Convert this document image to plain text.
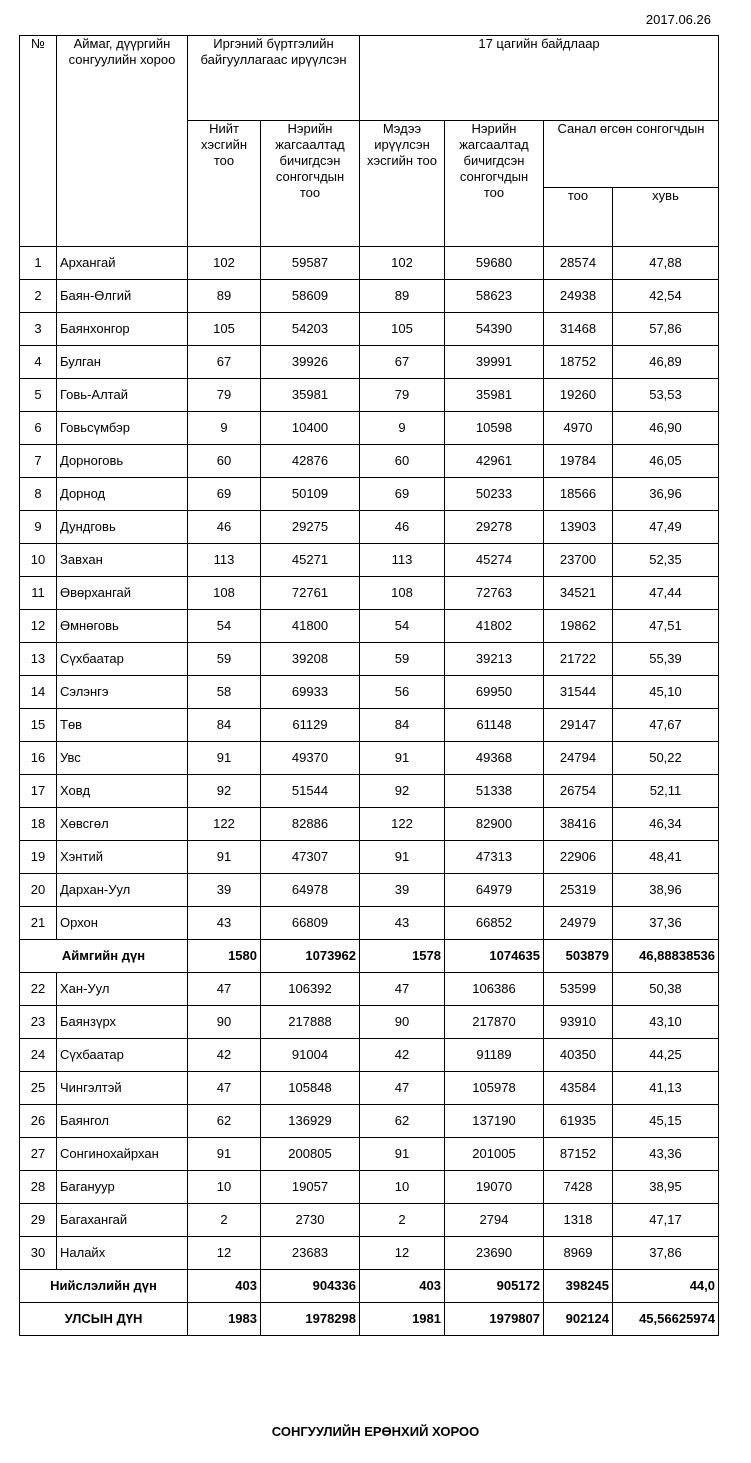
2017.06.26
№	Аймаг, дүүргийн сонгуулийн хороо	Иргэний бүртгэлийн байгууллагаас ирүүлсэн		17 цагийн байдлаар			
		Нийт хэсгийн тоо	Нэрийн жагсаалтад бичигдсэн сонгогчдын тоо	Мэдээ ирүүлсэн хэсгийн тоо	Нэрийн жагсаалтад бичигдсэн сонгогчдын тоо	Санал өгсөн сонгогчдын	
						тоо	хувь
1	Архангай	102	59587	102	59680	28574	47,88
2	Баян-Өлгий	89	58609	89	58623	24938	42,54
3	Баянхонгор	105	54203	105	54390	31468	57,86
4	Булган	67	39926	67	39991	18752	46,89
5	Говь-Алтай	79	35981	79	35981	19260	53,53
6	Говьсүмбэр	9	10400	9	10598	4970	46,90
7	Дорноговь	60	42876	60	42961	19784	46,05
8	Дорнод	69	50109	69	50233	18566	36,96
9	Дундговь	46	29275	46	29278	13903	47,49
10	Завхан	113	45271	113	45274	23700	52,35
11	Өвөрхангай	108	72761	108	72763	34521	47,44
12	Өмнөговь	54	41800	54	41802	19862	47,51
13	Сүхбаатар	59	39208	59	39213	21722	55,39
14	Сэлэнгэ	58	69933	56	69950	31544	45,10
15	Төв	84	61129	84	61148	29147	47,67
16	Увс	91	49370	91	49368	24794	50,22
17	Ховд	92	51544	92	51338	26754	52,11
18	Хөвсгөл	122	82886	122	82900	38416	46,34
19	Хэнтий	91	47307	91	47313	22906	48,41
20	Дархан-Уул	39	64978	39	64979	25319	38,96
21	Орхон	43	66809	43	66852	24979	37,36
Аймгийн дүн		1580	1073962	1578	1074635	503879	46,88838536
22	Хан-Уул	47	106392	47	106386	53599	50,38
23	Баянзүрх	90	217888	90	217870	93910	43,10
24	Сүхбаатар	42	91004	42	91189	40350	44,25
25	Чингэлтэй	47	105848	47	105978	43584	41,13
26	Баянгол	62	136929	62	137190	61935	45,15
27	Сонгинохайрхан	91	200805	91	201005	87152	43,36
28	Багануур	10	19057	10	19070	7428	38,95
29	Багахангай	2	2730	2	2794	1318	47,17
30	Налайх	12	23683	12	23690	8969	37,86
Нийслэлийн дүн		403	904336	403	905172	398245	44,0
УЛСЫН ДҮН		1983	1978298	1981	1979807	902124	45,56625974
СОНГУУЛИЙН ЕРӨНХИЙ ХОРОО
